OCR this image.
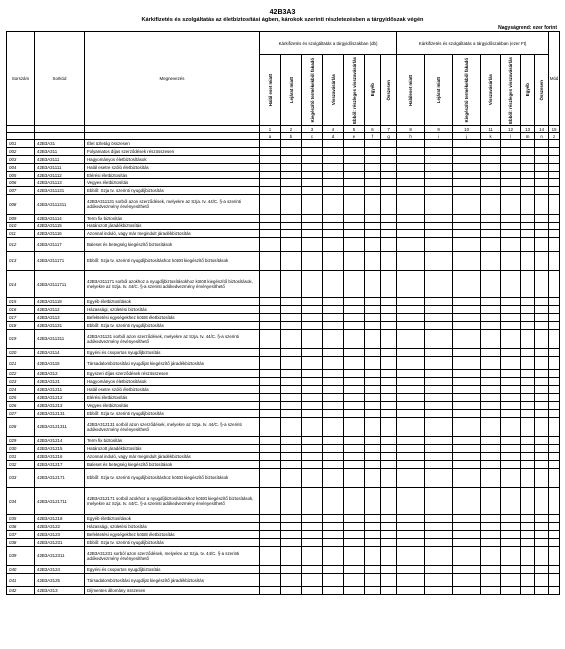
42B3A3
Kárkifizetés és szolgáltatás az életbiztosítási ágben, károkok szerinti részletezésben a tárgyidőszak végén
Nagyságrend: ezer forint
Sorszám	Sorkód	Megnevezés	Kárkifizetés és szolgáltatás a tárgyidőszakban (db)							Kárkifizetés és szolgáltatás a tárgyidőszakban (ezer Ft)							Mód

			Halál eset miatt	Lejárat miatt	Kiegészítő termékekből fakadó	Visszavásárlás	Ebből: részleges visszavásárlás	Egyéb	Összesen	Haláleset miatt	Lejárat miatt	Kiegészítő termékekből fakadó	Visszavásárlás	Ebből: részleges visszavásárlás	Egyéb	Összesen	

			1	2	3	4	5	6	7	8	9	10	11	12	13	14	15
			a	b	c	d	e	f	g	h	i	j	k	l	m	n	z
001	42B3A31	Élet üzletág összesen															
002	42B3A311	Folyamatos díjas szerződések részösszesen															
003	42B3A3111	Hagyományos életbiztosítások															
004	42B3A31111	Halál esetre szóló életbiztosítás															
005	42B3A31112	Elérési életbiztosítás															
006	42B3A31113	Vegyes életbiztosítás															
007	42B3A311131	Ebből: Szja tv. szerinti nyugdíjbiztosítás															
008	42B3A3111311	42B3A311131 sorból azon szerződések, melyekre az Szja. tv. 44/C. §-a szerinti adókedvezmény érvényesíthető															
009	42B3A31114	Term fix biztosítás															
010	42B3A31115	Határozott járadékbiztosítás															
011	42B3A31116	Azonnal induló, vagy már megindult járadékbiztosítás															
012	42B3A31117	Baleset és betegség kiegészítő biztosítások															
013	42B3A311171	Ebből: Szja tv. szerinti nyugdíjbiztosításhoz kötött kiegészítő biztosítások															
014	42B3A3111711	42B3A311171 sorból azokhoz a nyugdíjbiztosításokhoz kötött kiegészítő biztosítások, melyekre az Szja. tv. 44/C. §-a szerinti adókedvezmény érvényesíthető															
015	42B3A31118	Egyéb életbiztosítások															
016	42B3A3112	Házassági, születési biztosítás															
017	42B3A3113	Befektetési egységekhez kötött életbiztosítás															
018	42B3A31131	Ebből: Szja tv. szerinti nyugdíjbiztosítás															
019	42B3A311311	42B3A31131 sorból azon szerződések, melyekre az Szja. tv. 44/C. §-a szerinti adókedvezmény érvényesíthető															
020	42B3A3114	Egyéni és csoportos nyugdíjbiztosítás															
021	42B3A3115	Társadalombiztosítási nyugdíjat kiegészítő járadékbiztosítás															
022	42B3A312	Egyszeri díjas szerződések részösszesen															
023	42B3A3121	Hagyományos életbiztosítások															
024	42B3A31211	Halál esetre szóló életbiztosítás															
025	42B3A31212	Elérési életbiztosítás															
026	42B3A31213	Vegyes életbiztosítás															
027	42B3A312131	Ebből: Szja tv. szerinti nyugdíjbiztosítás															
028	42B3A3121311	42B3A312131 sorból azon szerződések, melyekre az Szja. tv. 44/C. §-a szerinti adókedvezmény érvényesíthető															
029	42B3A31214	Term fix biztosítás															
030	42B3A31215	Határozott járadékbiztosítás															
031	42B3A31216	Azonnal induló, vagy már megindult járadékbiztosítás															
032	42B3A31217	Baleset és betegség kiegészítő biztosítások															
033	42B3A312171	Ebből: Szja tv. szerinti nyugdíjbiztosításhoz kötött kiegészítő biztosítások															
034	42B3A3121711	42B3A312171 sorból azokhoz a nyugdíjbiztosításokhoz kötött kiegészítő biztosítások, melyekre az Szja. tv. 44/C. §-a szerinti adókedvezmény érvényesíthető															
035	42B3A31218	Egyéb életbiztosítások															
036	42B3A3122	Házassági, születési biztosítás															
037	42B3A3123	Befektetési egységekhez kötött életbiztosítás															
038	42B3A31231	Ebből: Szja tv. szerinti nyugdíjbiztosítás															
039	42B3A312311	42B3A31231 sorból azon szerződések, melyekre az Szja. tv. 44/C. §-a szerinti adókedvezmény érvényesíthető															
040	42B3A3124	Egyéni és csoportos nyugdíjbiztosítás															
041	42B3A3125	Társadalombiztosítási nyugdíjat kiegészítő járadékbiztosítás															
042	42B3A313	Díjmentes állomány összesen															
